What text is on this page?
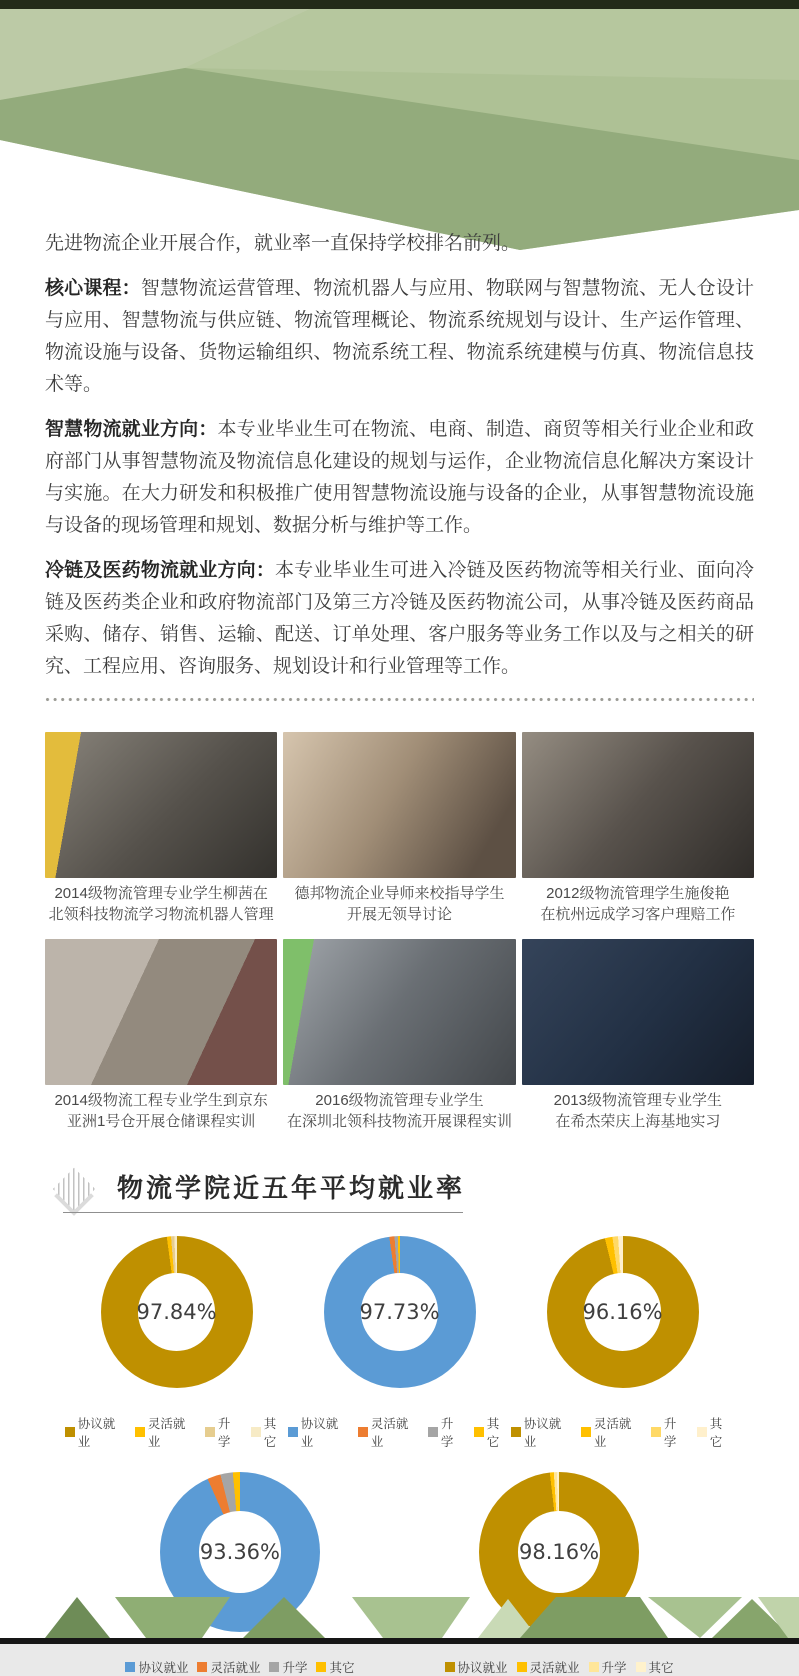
先进物流企业开展合作，就业率一直保持学校排名前列。

核心课程：智慧物流运营管理、物流机器人与应用、物联网与智慧物流、无人仓设计与应用、智慧物流与供应链、物流管理概论、物流系统规划与设计、生产运作管理、物流设施与设备、货物运输组织、物流系统工程、物流系统建模与仿真、物流信息技术等。

智慧物流就业方向：本专业毕业生可在物流、电商、制造、商贸等相关行业企业和政府部门从事智慧物流及物流信息化建设的规划与运作，企业物流信息化解决方案设计与实施。在大力研发和积极推广使用智慧物流设施与设备的企业，从事智慧物流设施与设备的现场管理和规划、数据分析与维护等工作。

冷链及医药物流就业方向：本专业毕业生可进入冷链及医药物流等相关行业、面向冷链及医药类企业和政府物流部门及第三方冷链及医药物流公司，从事冷链及医药商品采购、储存、销售、运输、配送、订单处理、客户服务等业务工作以及与之相关的研究、工程应用、咨询服务、规划设计和行业管理等工作。

2014级物流管理专业学生柳茜在
北领科技物流学习物流机器人管理
德邦物流企业导师来校指导学生
开展无领导讨论
2012级物流管理学生施俊艳
在杭州远成学习客户理赔工作
2014级物流工程专业学生到京东
亚洲1号仓开展仓储课程实训
2016级物流管理专业学生
在深圳北领科技物流开展课程实训
2013级物流管理专业学生
在希杰荣庆上海基地实习
物流学院近五年平均就业率
97.84%
协议就业
灵活就业
升学
其它
97.73%
协议就业
灵活就业
升学
其它
96.16%
协议就业
灵活就业
升学
其它
93.36%
协议就业 灵活就业 升学 其它
98.16%
协议就业 灵活就业 升学 其它
